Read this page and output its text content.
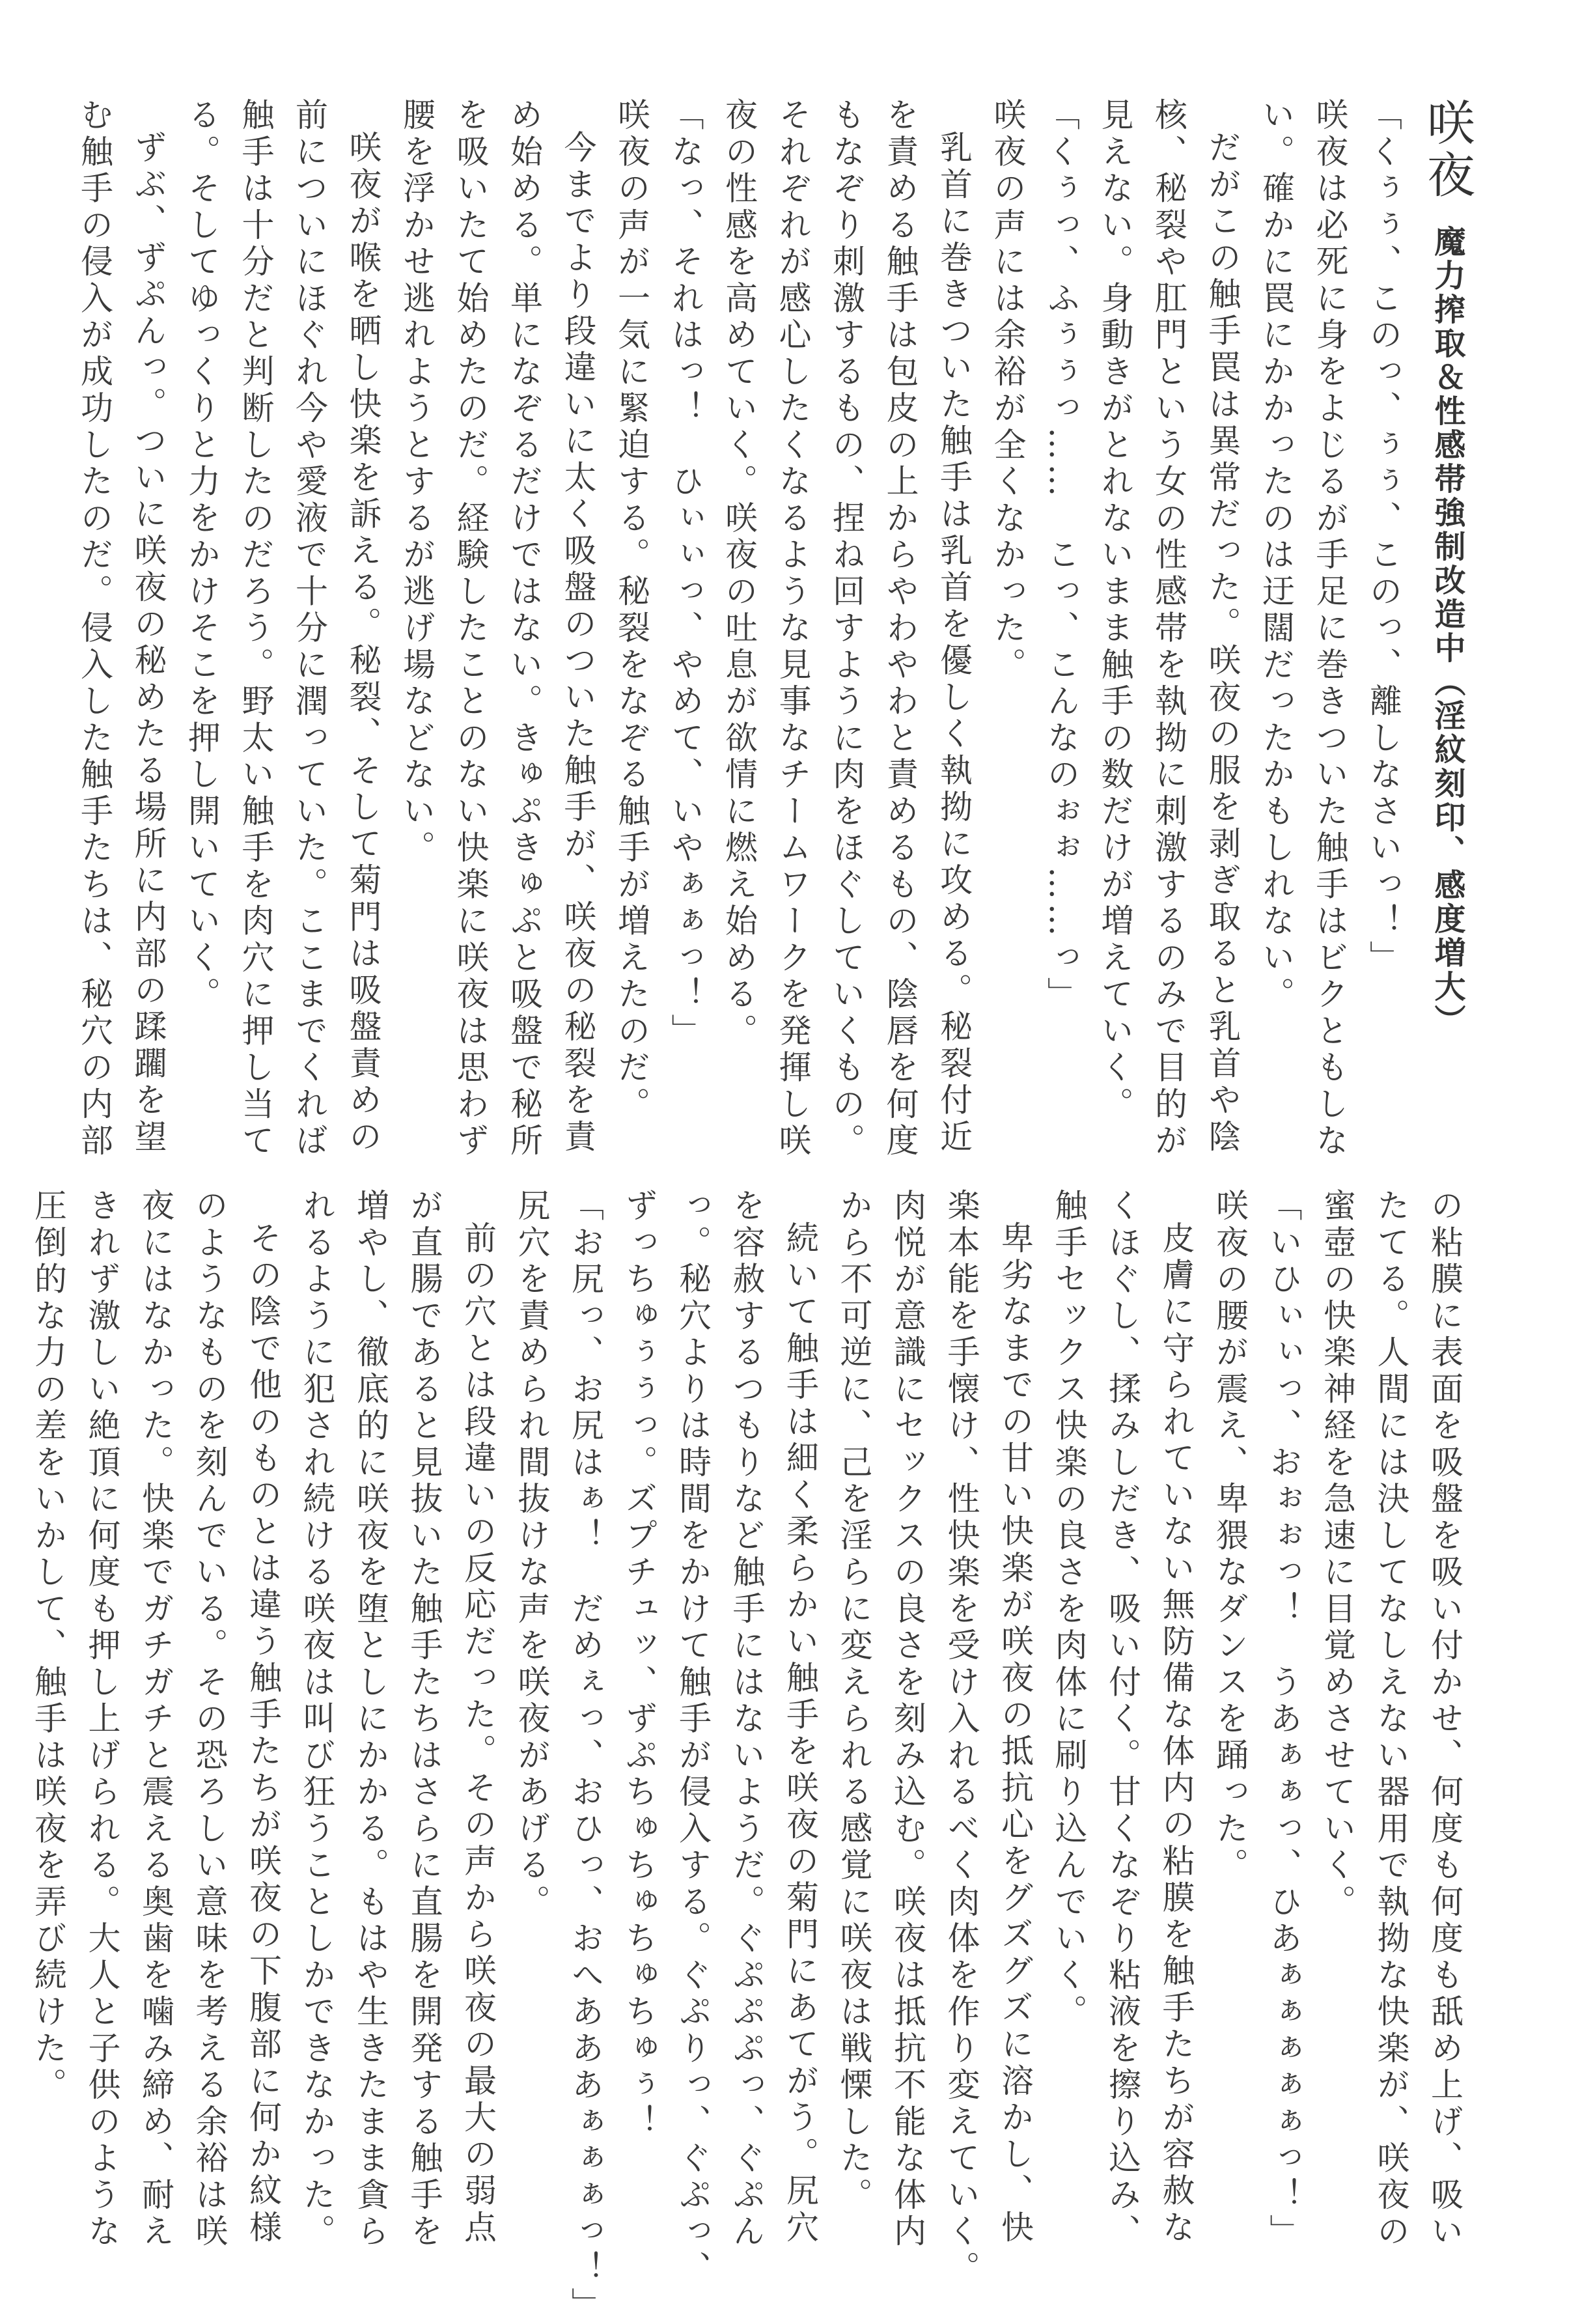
咲夜魔力搾取＆性感帯強制改造中（淫紋刻印、感度増大）
「くぅぅ、このっ、ぅぅ、このっ、離しなさいっ！」
咲夜は必死に身をよじるが手足に巻きついた触手はビクともしな
い。確かに罠にかかったのは迂闊だったかもしれない。
だがこの触手罠は異常だった。咲夜の服を剥ぎ取ると乳首や陰
核、秘裂や肛門という女の性感帯を執拗に刺激するのみで目的が
見えない。身動きがとれないまま触手の数だけが増えていく。
「くぅっ、ふぅぅっ……　こっ、こんなのぉぉ……っ」
咲夜の声には余裕が全くなかった。
乳首に巻きついた触手は乳首を優しく執拗に攻める。秘裂付近
を責める触手は包皮の上からやわやわと責めるもの、陰唇を何度
もなぞり刺激するもの、捏ね回すように肉をほぐしていくもの。
それぞれが感心したくなるような見事なチームワークを発揮し咲
夜の性感を高めていく。咲夜の吐息が欲情に燃え始める。
「なっ、それはっ！　ひぃぃっ、やめて、いやぁぁっ！」
咲夜の声が一気に緊迫する。秘裂をなぞる触手が増えたのだ。
今までより段違いに太く吸盤のついた触手が、咲夜の秘裂を責
め始める。単になぞるだけではない。きゅぷきゅぷと吸盤で秘所
を吸いたて始めたのだ。経験したことのない快楽に咲夜は思わず
腰を浮かせ逃れようとするが逃げ場などない。
咲夜が喉を晒し快楽を訴える。秘裂、そして菊門は吸盤責めの
前についにほぐれ今や愛液で十分に潤っていた。ここまでくれば
触手は十分だと判断したのだろう。野太い触手を肉穴に押し当て
る。そしてゆっくりと力をかけそこを押し開いていく。
ずぶ、ずぷんっ。ついに咲夜の秘めたる場所に内部の蹂躙を望
む触手の侵入が成功したのだ。侵入した触手たちは、秘穴の内部
の粘膜に表面を吸盤を吸い付かせ、何度も何度も舐め上げ、吸い
たてる。人間には決してなしえない器用で執拗な快楽が、咲夜の
蜜壺の快楽神経を急速に目覚めさせていく。
「いひぃぃっ、おぉぉっ！　うあぁぁっ、ひあぁぁぁぁぁっ！」
咲夜の腰が震え、卑猥なダンスを踊った。
皮膚に守られていない無防備な体内の粘膜を触手たちが容赦な
くほぐし、揉みしだき、吸い付く。甘くなぞり粘液を擦り込み、
触手セックス快楽の良さを肉体に刷り込んでいく。
卑劣なまでの甘い快楽が咲夜の抵抗心をグズグズに溶かし、快
楽本能を手懐け、性快楽を受け入れるべく肉体を作り変えていく。
肉悦が意識にセックスの良さを刻み込む。咲夜は抵抗不能な体内
から不可逆に、己を淫らに変えられる感覚に咲夜は戦慄した。
続いて触手は細く柔らかい触手を咲夜の菊門にあてがう。尻穴
を容赦するつもりなど触手にはないようだ。ぐぷぷぷっ、ぐぷん
っ。秘穴よりは時間をかけて触手が侵入する。ぐぷりっ、ぐぷっ、
ずっちゅぅぅっ。ズプチュッ、ずぷちゅちゅちゅちゅぅ！
「お尻っ、お尻はぁ！　だめぇっ、おひっ、おへあああぁぁぁっ！」
尻穴を責められ間抜けな声を咲夜があげる。
前の穴とは段違いの反応だった。その声から咲夜の最大の弱点
が直腸であると見抜いた触手たちはさらに直腸を開発する触手を
増やし、徹底的に咲夜を堕としにかかる。もはや生きたまま貪ら
れるように犯され続ける咲夜は叫び狂うことしかできなかった。
その陰で他のものとは違う触手たちが咲夜の下腹部に何か紋様
のようなものを刻んでいる。その恐ろしい意味を考える余裕は咲
夜にはなかった。快楽でガチガチと震える奥歯を噛み締め、耐え
きれず激しい絶頂に何度も押し上げられる。大人と子供のような
圧倒的な力の差をいかして、触手は咲夜を弄び続けた。
